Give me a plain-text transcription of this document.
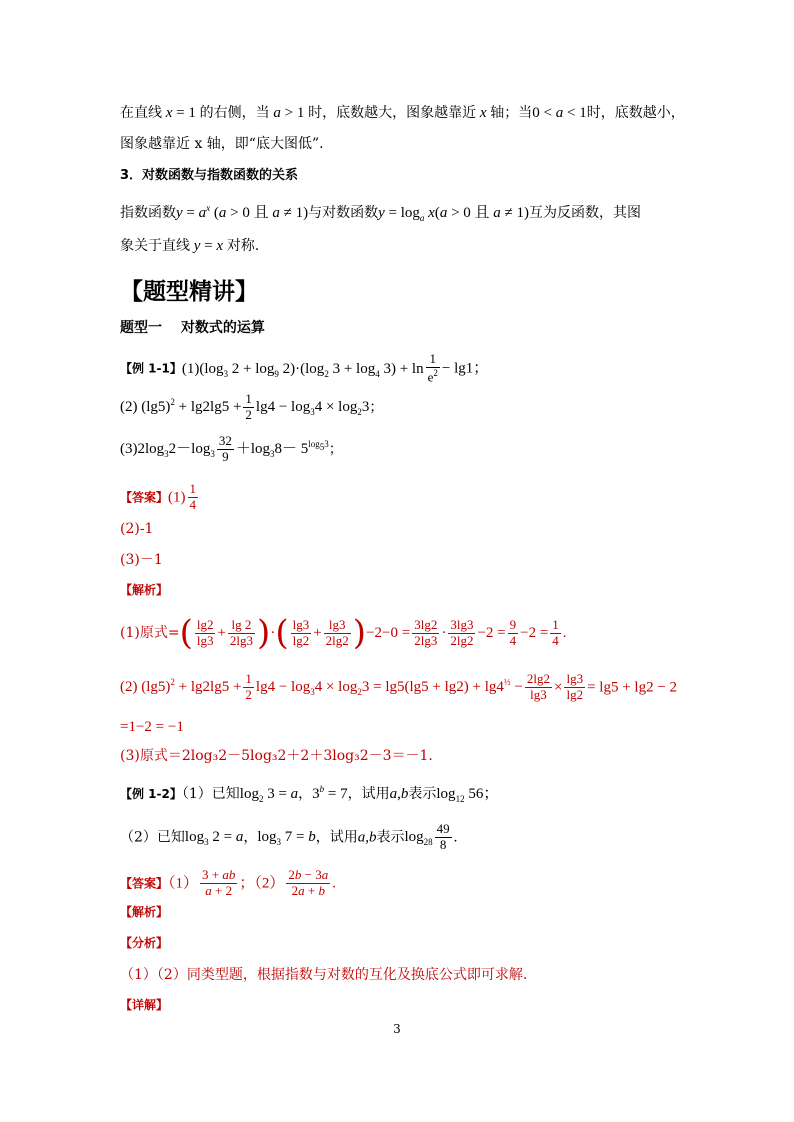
在直线 x = 1 的右侧，当 a > 1 时，底数越大，图象越靠近 x 轴；当0 < a < 1时，底数越小，
图象越靠近 x 轴，即“底大图低”.
3．对数函数与指数函数的关系
指数函数$y = a^x$ (a > 0 且 a ≠ 1)与对数函数$y = \log_a x(a > 0$ 且 a ≠ 1)互为反函数，其图
象关于直线 y = x 对称.
【题型精讲】
题型一　 对数式的运算
【例 1-1】$(1)(\log_3$ $2 + \log_9 2)\cdot(\log_2$ $3 + \log_4 3) + \ln \frac{1}{e^2} - \lg 1$；
(2) $(\lg 5)^2 + \lg 2\lg 5 + \frac{1}{2} \lg 4 - \log_34 \times \log_23$；
$(3)2\log_32-\log_3 \frac{32}{9} +\log_38- 5^{log_53}$；
【答案】$(1) \frac{1}{4}$
(2)-1
(3)－1
【解析】
(1)原式=( $\frac{\lg 2}{\lg 3} + \frac{\lg 2}{2\lg 3}$ )·( $\frac{\lg 3}{\lg 2} + \frac{\lg 3}{2\lg 2} )-2-0 = \frac{3\lg 2}{2\lg 3} \cdot \frac{3\lg 3}{2\lg 2} -2 = \frac{9}{4} -2 = \frac{1}{4}$ .
(2) $(\lg 5)^2 + \lg 2\lg 5 + \frac{1}{2} \lg 4 - \log_34 \times \log_23 = \lg 5(\lg 5 + \lg 2) + \lg 4^{\frac{1}{2}} - \frac{2\lg 2}{\lg 3} \times \frac{\lg 3}{\lg 2} = \lg 5 + \lg 2 - 2$
=1−2 = −1
(3)原式＝2log₃2－5log₃2＋2＋3log₃2－3＝－1.
【例 1-2】（1）已知$\log_2 3 = a$，$3^b = 7$，试用a,b表示$\log_{12} 56$；
（2）已知$\log_3 2 = a$，$\log_3 7 = b$，试用a,b表示$\log_{28} \frac{49}{8}$ .
【答案】$(1) \frac{3 + ab}{a + 2}$ ；$(2) \frac{2b - 3a}{2a + b}$ .
【解析】
【分析】
（1）（2）同类型题，根据指数与对数的互化及换底公式即可求解.
【详解】
3
